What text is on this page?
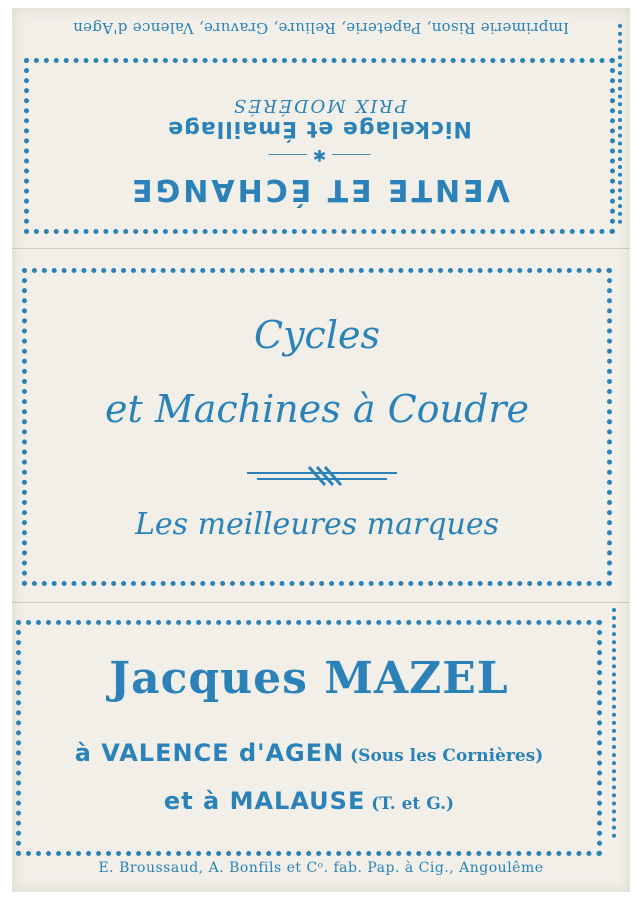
Imprimerie Rison, Papeterie, Reliure, Gravure, Valence d'Agen
VENTE ET ÉCHANGE
⸻ ✱ ⸻
Nickelage et Émaillage
PRIX MODÉRÉS
Cycles
et Machines à Coudre
Les meilleures marques
Jacques MAZEL
à VALENCE d'AGEN (Sous les Cornières)
et à MALAUSE (T. et G.)
E. Broussaud, A. Bonfils et Cᵒ. fab. Pap. à Cig., Angoulême
